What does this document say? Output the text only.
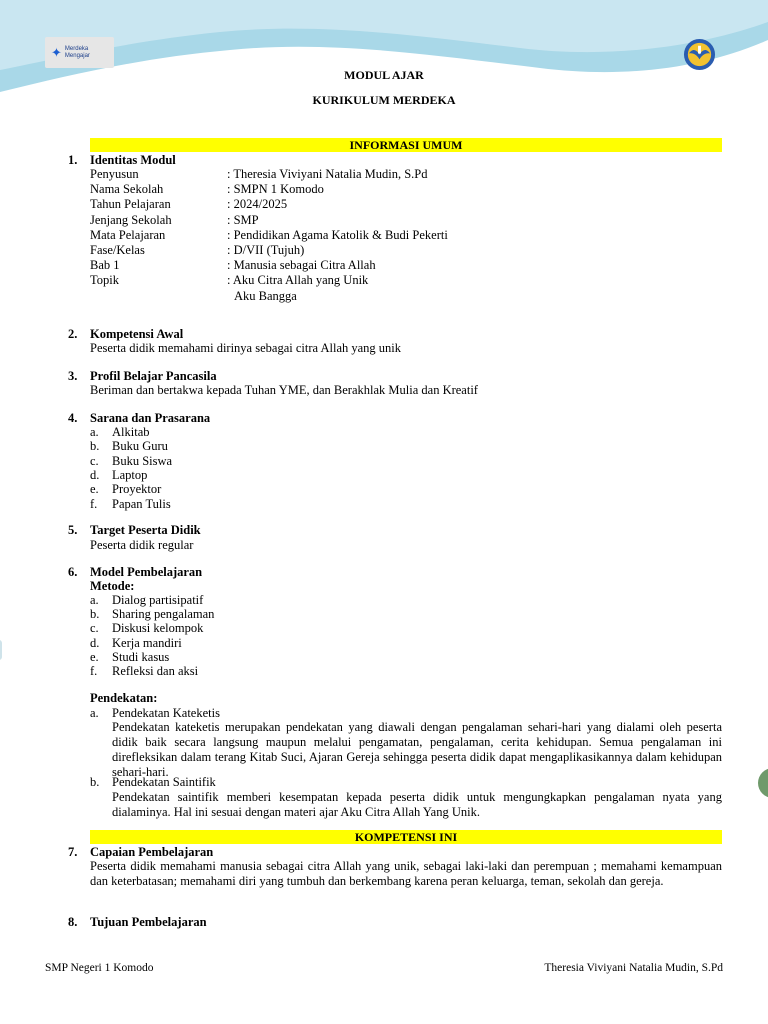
✦ Merdeka
Mengajar
MODUL AJAR
KURIKULUM MERDEKA
INFORMASI UMUM
1. Identitas Modul
Penyusun	: Theresia Viviyani Natalia Mudin, S.Pd
Nama Sekolah	: SMPN 1 Komodo
Tahun Pelajaran	: 2024/2025
Jenjang Sekolah	: SMP
Mata Pelajaran	: Pendidikan Agama Katolik & Budi Pekerti
Fase/Kelas	: D/VII (Tujuh)
Bab 1	: Manusia sebagai Citra Allah
Topik	: Aku Citra Allah yang Unik
Aku Bangga
2. Kompetensi Awal
Peserta didik memahami dirinya sebagai citra Allah yang unik
3. Profil Belajar Pancasila
Beriman dan bertakwa kepada Tuhan YME, dan Berakhlak Mulia dan Kreatif
4. Sarana dan Prasarana
a. Alkitab
b. Buku Guru
c. Buku Siswa
d. Laptop
e. Proyektor
f. Papan Tulis
5. Target Peserta Didik
Peserta didik regular
6. Model Pembelajaran
Metode:
a. Dialog partisipatif
b. Sharing pengalaman
c. Diskusi kelompok
d. Kerja mandiri
e. Studi kasus
f. Refleksi dan aksi
Pendekatan:
a. Pendekatan Kateketis
Pendekatan kateketis merupakan pendekatan yang diawali dengan pengalaman sehari-hari yang dialami oleh peserta didik baik secara langsung maupun melalui pengamatan, pengalaman, cerita kehidupan. Semua pengalaman ini direfleksikan dalam terang Kitab Suci, Ajaran Gereja sehingga peserta didik dapat mengaplikasikannya dalam kehidupan sehari-hari.
b. Pendekatan Saintifik
Pendekatan saintifik memberi kesempatan kepada peserta didik untuk mengungkapkan pengalaman nyata yang dialaminya. Hal ini sesuai dengan materi ajar Aku Citra Allah Yang Unik.
KOMPETENSI INI
7. Capaian Pembelajaran
Peserta didik memahami manusia sebagai citra Allah yang unik, sebagai laki-laki dan perempuan ; memahami kemampuan dan keterbatasan; memahami diri yang tumbuh dan berkembang karena peran keluarga, teman, sekolah dan gereja.
8. Tujuan Pembelajaran
SMP Negeri 1 Komodo	Theresia Viviyani Natalia Mudin, S.Pd
